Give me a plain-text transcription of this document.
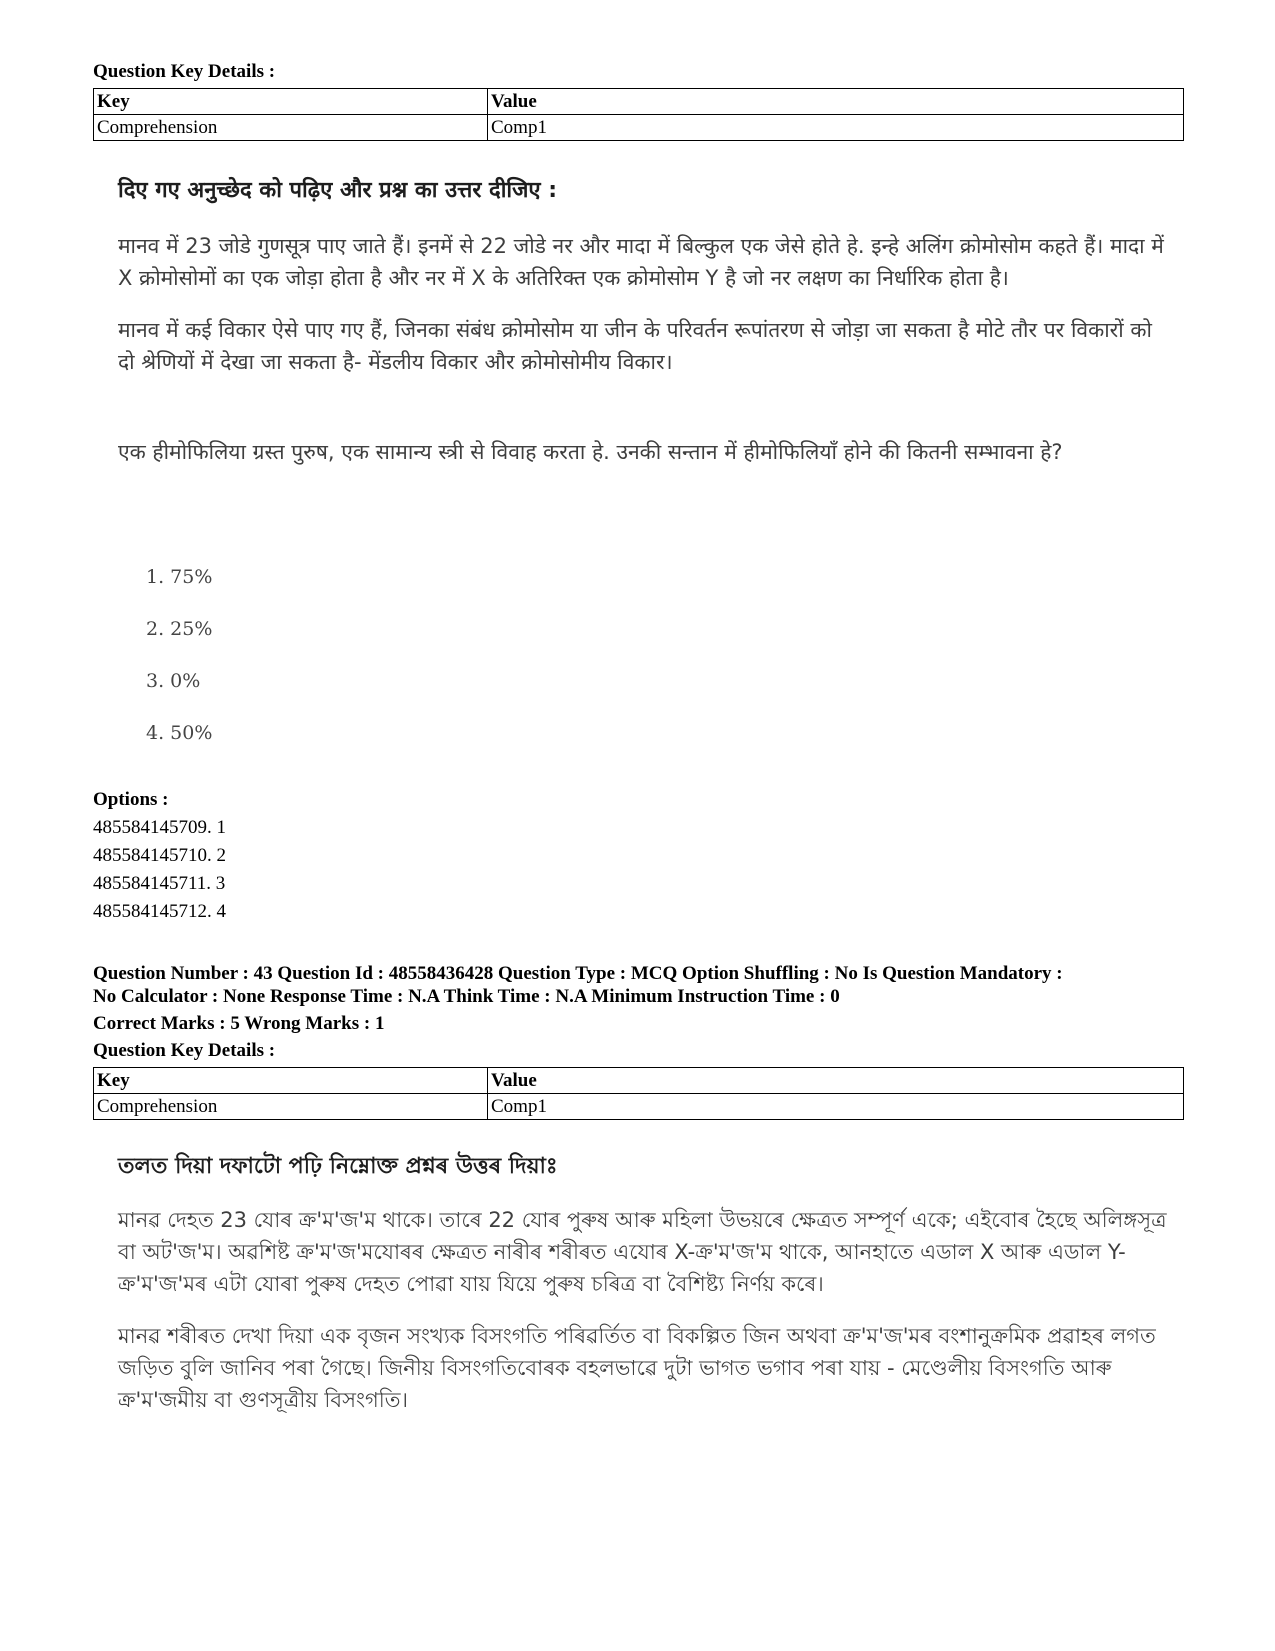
Question Key Details :
Key	Value
Comprehension	Comp1
दिए गए अनुच्छेद को पढ़िए और प्रश्न का उत्तर दीजिए :

मानव में 23 जोडे गुणसूत्र पाए जाते हैं। इनमें से 22 जोडे नर और मादा में बिल्कुल एक जेसे होते हे. इन्हे अलिंग क्रोमोसोम कहते हैं। मादा में X क्रोमोसोमों का एक जोड़ा होता है और नर में X के अतिरिक्त एक क्रोमोसोम Y है जो नर लक्षण का निर्धारिक होता है।

मानव में कई विकार ऐसे पाए गए हैं, जिनका संबंध क्रोमोसोम या जीन के परिवर्तन रूपांतरण से जोड़ा जा सकता है मोटे तौर पर विकारों को दो श्रेणियों में देखा जा सकता है- मेंडलीय विकार और क्रोमोसोमीय विकार।

एक हीमोफिलिया ग्रस्त पुरुष, एक सामान्य स्त्री से विवाह करता हे. उनकी सन्तान में हीमोफिलियाँ होने की कितनी सम्भावना हे?

1. 75%
2. 25%
3. 0%
4. 50%
Options :
485584145709. 1
485584145710. 2
485584145711. 3
485584145712. 4
Question Number : 43 Question Id : 48558436428 Question Type : MCQ Option Shuffling : No Is Question Mandatory :
No Calculator : None Response Time : N.A Think Time : N.A Minimum Instruction Time : 0
Correct Marks : 5 Wrong Marks : 1
Question Key Details :
Key	Value
Comprehension	Comp1
তলত দিয়া দফাটো পঢ়ি নিম্নোক্ত প্ৰশ্নৰ উত্তৰ দিয়াঃ

মানৱ দেহত 23 যোৰ ক্ৰ'ম'জ'ম থাকে। তাৰে 22 যোৰ পুৰুষ আৰু মহিলা উভয়ৰে ক্ষেত্ৰত সম্পূৰ্ণ একে; এইবোৰ হৈছে অলিঙ্গসূত্ৰ বা অট'জ'ম। অৱশিষ্ট ক্ৰ'ম'জ'মযোৰৰ ক্ষেত্ৰত নাৰীৰ শৰীৰত এযোৰ X-ক্ৰ'ম'জ'ম থাকে, আনহাতে এডাল X আৰু এডাল Y-ক্ৰ'ম'জ'মৰ এটা যোৰা পুৰুষ দেহত পোৱা যায় যিয়ে পুৰুষ চৰিত্ৰ বা বৈশিষ্ট্য নিৰ্ণয় কৰে।

মানৱ শৰীৰত দেখা দিয়া এক বৃজন সংখ্যক বিসংগতি পৰিৱৰ্তিত বা বিকল্পিত জিন অথবা ক্ৰ'ম'জ'মৰ বংশানুক্ৰমিক প্ৰৱাহৰ লগত জড়িত বুলি জানিব পৰা গৈছে। জিনীয় বিসংগতিবোৰক বহলভাৱে দুটা ভাগত ভগাব পৰা যায় - মেণ্ডেলীয় বিসংগতি আৰু ক্ৰ'ম'জমীয় বা গুণসূত্ৰীয় বিসংগতি।
